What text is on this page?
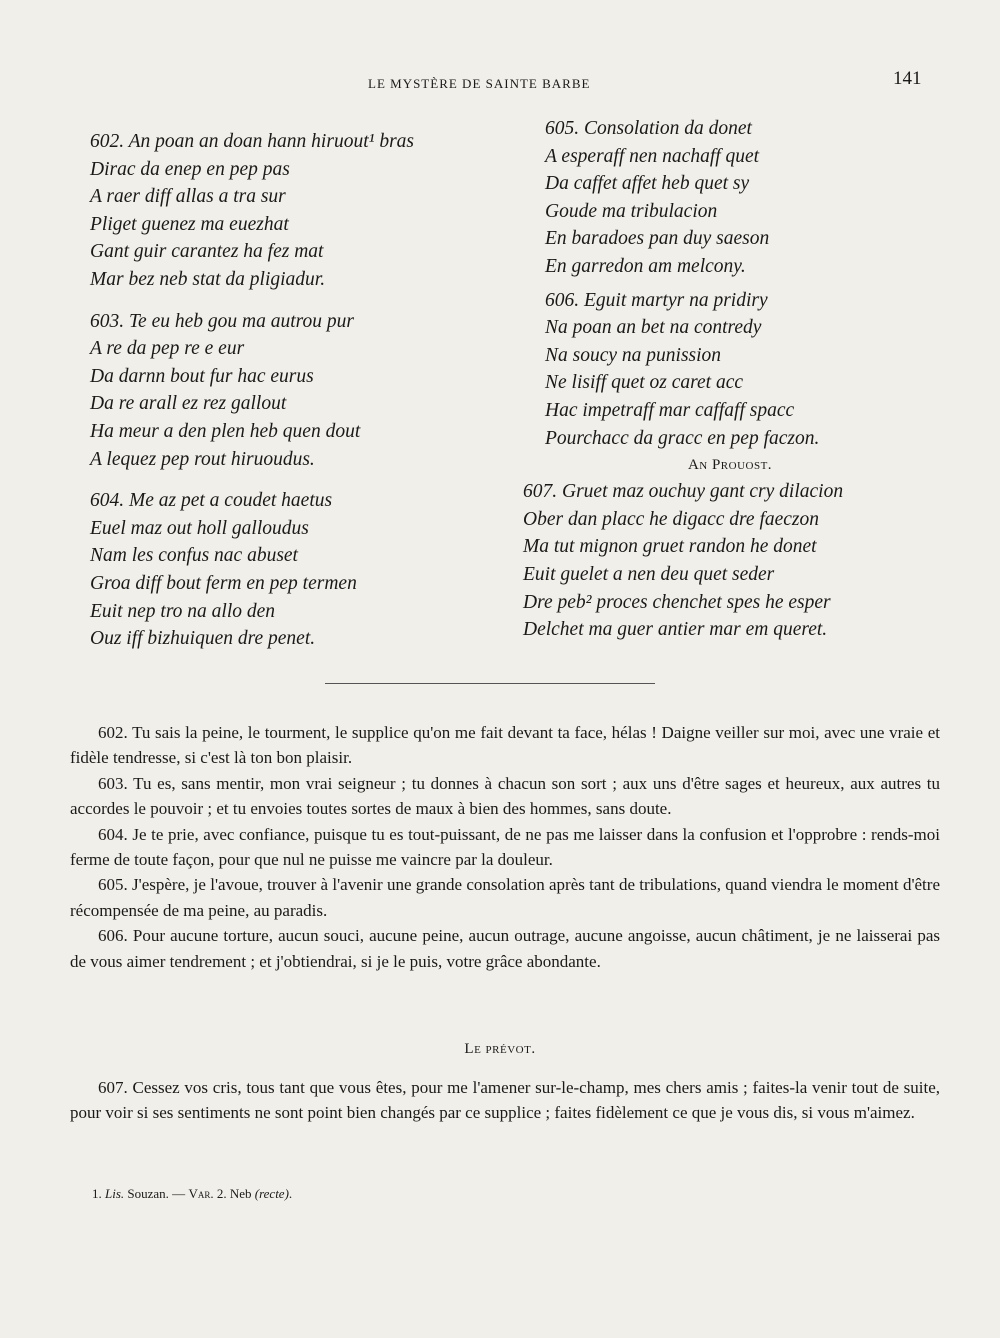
LE MYSTÈRE DE SAINTE BARBE	141
602. An poan an doan hann hiruout¹ bras
Dirac da enep en pep pas
A raer diff allas a tra sur
Pliget guenez ma euezhat
Gant guir carantez ha fez mat
Mar bez neb stat da pligiadur.
603. Te eu heb gou ma autrou pur
A re da pep re e eur
Da darnn bout fur hac eurus
Da re arall ez rez gallout
Ha meur a den plen heb quen dout
A lequez pep rout hiruoudus.
604. Me az pet a coudet haetus
Euel maz out holl galloudus
Nam les confus nac abuset
Groa diff bout ferm en pep termen
Euit nep tro na allo den
Ouz iff bizhuiquen dre penet.
605. Consolation da donet
A esperaff nen nachaff quet
Da caffet affet heb quet sy
Goude ma tribulacion
En baradoes pan duy saeson
En garredon am melcony.
606. Eguit martyr na pridiry
Na poan an bet na contredy
Na soucy na punission
Ne lisiff quet oz caret acc
Hac impetraff mar caffaff spacc
Pourchacc da gracc en pep faczon.
An Prouost.
607. Gruet maz ouchuy gant cry dilacion
Ober dan placc he digacc dre faeczon
Ma tut mignon gruet randon he donet
Euit guelet a nen deu quet seder
Dre peb² proces chenchet spes he esper
Delchet ma guer antier mar em queret.

602. Tu sais la peine, le tourment, le supplice qu'on me fait devant ta face, hélas ! Daigne veiller sur moi, avec une vraie et fidèle tendresse, si c'est là ton bon plaisir.

603. Tu es, sans mentir, mon vrai seigneur ; tu donnes à chacun son sort ; aux uns d'être sages et heureux, aux autres tu accordes le pouvoir ; et tu envoies toutes sortes de maux à bien des hommes, sans doute.

604. Je te prie, avec confiance, puisque tu es tout-puissant, de ne pas me laisser dans la confusion et l'opprobre : rends-moi ferme de toute façon, pour que nul ne puisse me vaincre par la douleur.

605. J'espère, je l'avoue, trouver à l'avenir une grande consolation après tant de tribulations, quand viendra le moment d'être récompensée de ma peine, au paradis.

606. Pour aucune torture, aucun souci, aucune peine, aucun outrage, aucune angoisse, aucun châtiment, je ne laisserai pas de vous aimer tendrement ; et j'obtiendrai, si je le puis, votre grâce abondante.

Le prévot.

607. Cessez vos cris, tous tant que vous êtes, pour me l'amener sur-le-champ, mes chers amis ; faites-la venir tout de suite, pour voir si ses sentiments ne sont point bien changés par ce supplice ; faites fidèlement ce que je vous dis, si vous m'aimez.

1. Lis. Souzan. — Var. 2. Neb (recte).
